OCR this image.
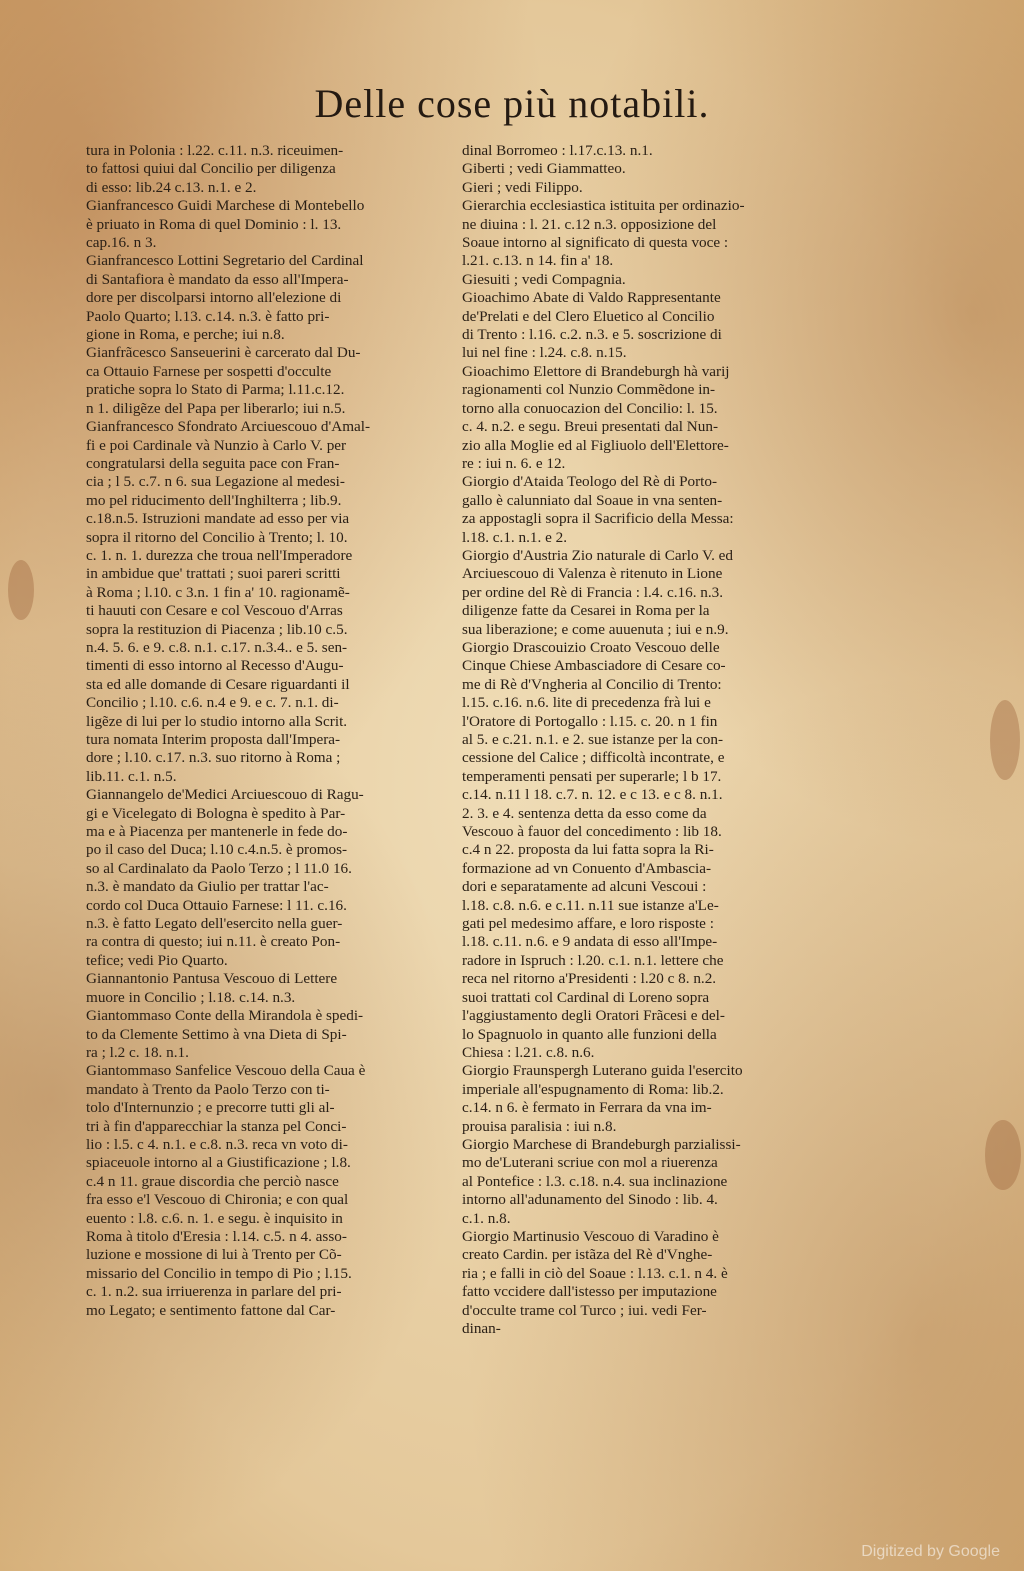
Delle cose più notabili.
tura in Polonia : l.22. c.11. n.3. riceuimen-
to fattosi quiui dal Concilio per diligenza
di esso: lib.24 c.13. n.1. e 2.
Gianfrancesco Guidi Marchese di Montebello
è priuato in Roma di quel Dominio : l. 13.
cap.16. n 3.
Gianfrancesco Lottini Segretario del Cardinal
di Santafiora è mandato da esso all'Impera-
dore per discolparsi intorno all'elezione di
Paolo Quarto; l.13. c.14. n.3. è fatto pri-
gione in Roma, e perche; iui n.8.
Gianfrãcesco Sanseuerini è carcerato dal Du-
ca Ottauio Farnese per sospetti d'occulte
pratiche sopra lo Stato di Parma; l.11.c.12.
n 1. diligẽze del Papa per liberarlo; iui n.5.
Gianfrancesco Sfondrato Arciuescouo d'Amal-
fi e poi Cardinale và Nunzio à Carlo V. per
congratularsi della seguita pace con Fran-
cia ; l 5. c.7. n 6. sua Legazione al medesi-
mo pel riducimento dell'Inghilterra ; lib.9.
c.18.n.5. Istruzioni mandate ad esso per via
sopra il ritorno del Concilio à Trento; l. 10.
c. 1. n. 1. durezza che troua nell'Imperadore
in ambidue que' trattati ; suoi pareri scritti
à Roma ; l.10. c 3.n. 1 fin a' 10. ragionamẽ-
ti hauuti con Cesare e col Vescouo d'Arras
sopra la restituzion di Piacenza ; lib.10 c.5.
n.4. 5. 6. e 9. c.8. n.1. c.17. n.3.4.. e 5. sen-
timenti di esso intorno al Recesso d'Augu-
sta ed alle domande di Cesare riguardanti il
Concilio ; l.10. c.6. n.4 e 9. e c. 7. n.1. di-
ligẽze di lui per lo studio intorno alla Scrit.
tura nomata Interim proposta dall'Impera-
dore ; l.10. c.17. n.3. suo ritorno à Roma ;
lib.11. c.1. n.5.
Giannangelo de'Medici Arciuescouo di Ragu-
gi e Vicelegato di Bologna è spedito à Par-
ma e à Piacenza per mantenerle in fede do-
po il caso del Duca; l.10 c.4.n.5. è promos-
so al Cardinalato da Paolo Terzo ; l 11.0 16.
n.3. è mandato da Giulio per trattar l'ac-
cordo col Duca Ottauio Farnese: l 11. c.16.
n.3. è fatto Legato dell'esercito nella guer-
ra contra di questo; iui n.11. è creato Pon-
tefice; vedi Pio Quarto.
Giannantonio Pantusa Vescouo di Lettere
muore in Concilio ; l.18. c.14. n.3.
Giantommaso Conte della Mirandola è spedi-
to da Clemente Settimo à vna Dieta di Spi-
ra ; l.2 c. 18. n.1.
Giantommaso Sanfelice Vescouo della Caua è
mandato à Trento da Paolo Terzo con ti-
tolo d'Internunzio ; e precorre tutti gli al-
tri à fin d'apparecchiar la stanza pel Conci-
lio : l.5. c 4. n.1. e c.8. n.3. reca vn voto di-
spiaceuole intorno al a Giustificazione ; l.8.
c.4 n 11. graue discordia che perciò nasce
fra esso e'l Vescouo di Chironia; e con qual
euento : l.8. c.6. n. 1. e segu. è inquisito in
Roma à titolo d'Eresia : l.14. c.5. n 4. asso-
luzione e mossione di lui à Trento per Cõ-
missario del Concilio in tempo di Pio ; l.15.
c. 1. n.2. sua irriuerenza in parlare del pri-
mo Legato; e sentimento fattone dal Car-
dinal Borromeo : l.17.c.13. n.1.
Giberti ; vedi Giammatteo.
Gieri ; vedi Filippo.
Gierarchia ecclesiastica istituita per ordinazio-
ne diuina : l. 21. c.12 n.3. opposizione del
Soaue intorno al significato di questa voce :
l.21. c.13. n 14. fin a' 18.
Giesuiti ; vedi Compagnia.
Gioachimo Abate di Valdo Rappresentante
de'Prelati e del Clero Eluetico al Concilio
di Trento : l.16. c.2. n.3. e 5. soscrizione di
lui nel fine : l.24. c.8. n.15.
Gioachimo Elettore di Brandeburgh hà varij
ragionamenti col Nunzio Commẽdone in-
torno alla conuocazion del Concilio: l. 15.
c. 4. n.2. e segu. Breui presentati dal Nun-
zio alla Moglie ed al Figliuolo dell'Elettore-
re : iui n. 6. e 12.
Giorgio d'Ataida Teologo del Rè di Porto-
gallo è calunniato dal Soaue in vna senten-
za appostagli sopra il Sacrificio della Messa:
l.18. c.1. n.1. e 2.
Giorgio d'Austria Zio naturale di Carlo V. ed
Arciuescouo di Valenza è ritenuto in Lione
per ordine del Rè di Francia : l.4. c.16. n.3.
diligenze fatte da Cesarei in Roma per la
sua liberazione; e come auuenuta ; iui e n.9.
Giorgio Drascouizio Croato Vescouo delle
Cinque Chiese Ambasciadore di Cesare co-
me di Rè d'Vngheria al Concilio di Trento:
l.15. c.16. n.6. lite di precedenza frà lui e
l'Oratore di Portogallo : l.15. c. 20. n 1 fin
al 5. e c.21. n.1. e 2. sue istanze per la con-
cessione del Calice ; difficoltà incontrate, e
temperamenti pensati per superarle; l b 17.
c.14. n.11 l 18. c.7. n. 12. e c 13. e c 8. n.1.
2. 3. e 4. sentenza detta da esso come da
Vescouo à fauor del concedimento : lib 18.
c.4 n 22. proposta da lui fatta sopra la Ri-
formazione ad vn Conuento d'Ambascia-
dori e separatamente ad alcuni Vescoui :
l.18. c.8. n.6. e c.11. n.11 sue istanze a'Le-
gati pel medesimo affare, e loro risposte :
l.18. c.11. n.6. e 9 andata di esso all'Impe-
radore in Ispruch : l.20. c.1. n.1. lettere che
reca nel ritorno a'Presidenti : l.20 c 8. n.2.
suoi trattati col Cardinal di Loreno sopra
l'aggiustamento degli Oratori Frãcesi e del-
lo Spagnuolo in quanto alle funzioni della
Chiesa : l.21. c.8. n.6.
Giorgio Fraunspergh Luterano guida l'esercito
imperiale all'espugnamento di Roma: lib.2.
c.14. n 6. è fermato in Ferrara da vna im-
prouisa paralisia : iui n.8.
Giorgio Marchese di Brandeburgh parzialissi-
mo de'Luterani scriue con mol a riuerenza
al Pontefice : l.3. c.18. n.4. sua inclinazione
intorno all'adunamento del Sinodo : lib. 4.
c.1. n.8.
Giorgio Martinusio Vescouo di Varadino è
creato Cardin. per istãza del Rè d'Vnghe-
ria ; e falli in ciò del Soaue : l.13. c.1. n 4. è
fatto vccidere dall'istesso per imputazione
d'occulte trame col Turco ; iui. vedi Fer-
dinan-
Digitized by Google
